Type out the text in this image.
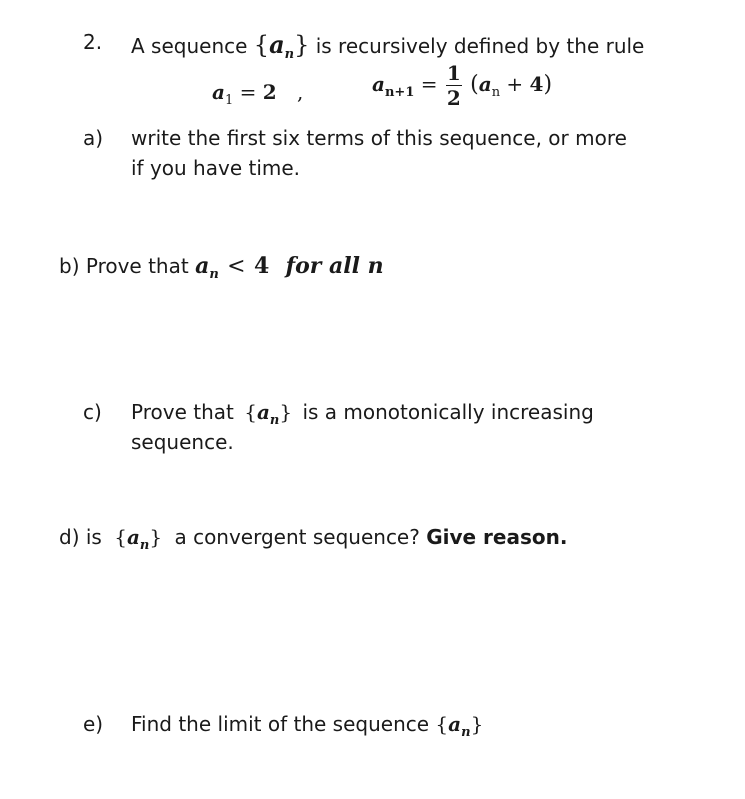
2. A sequence $\{a_n\}$ is recursively defined by the rule
$a_1 = 2$ ,	$a_{n+1} = \frac{1}{2} (a_n + 4)$
a) write the first six terms of this sequence, or more
if you have time.
b) Prove that $a_n < 4$ for all n
c) Prove that $\{a_n\}$ is a monotonically increasing
sequence.
d) is $\{a_n\}$ a convergent sequence? Give reason.
e) Find the limit of the sequence $\{a_n\}$
